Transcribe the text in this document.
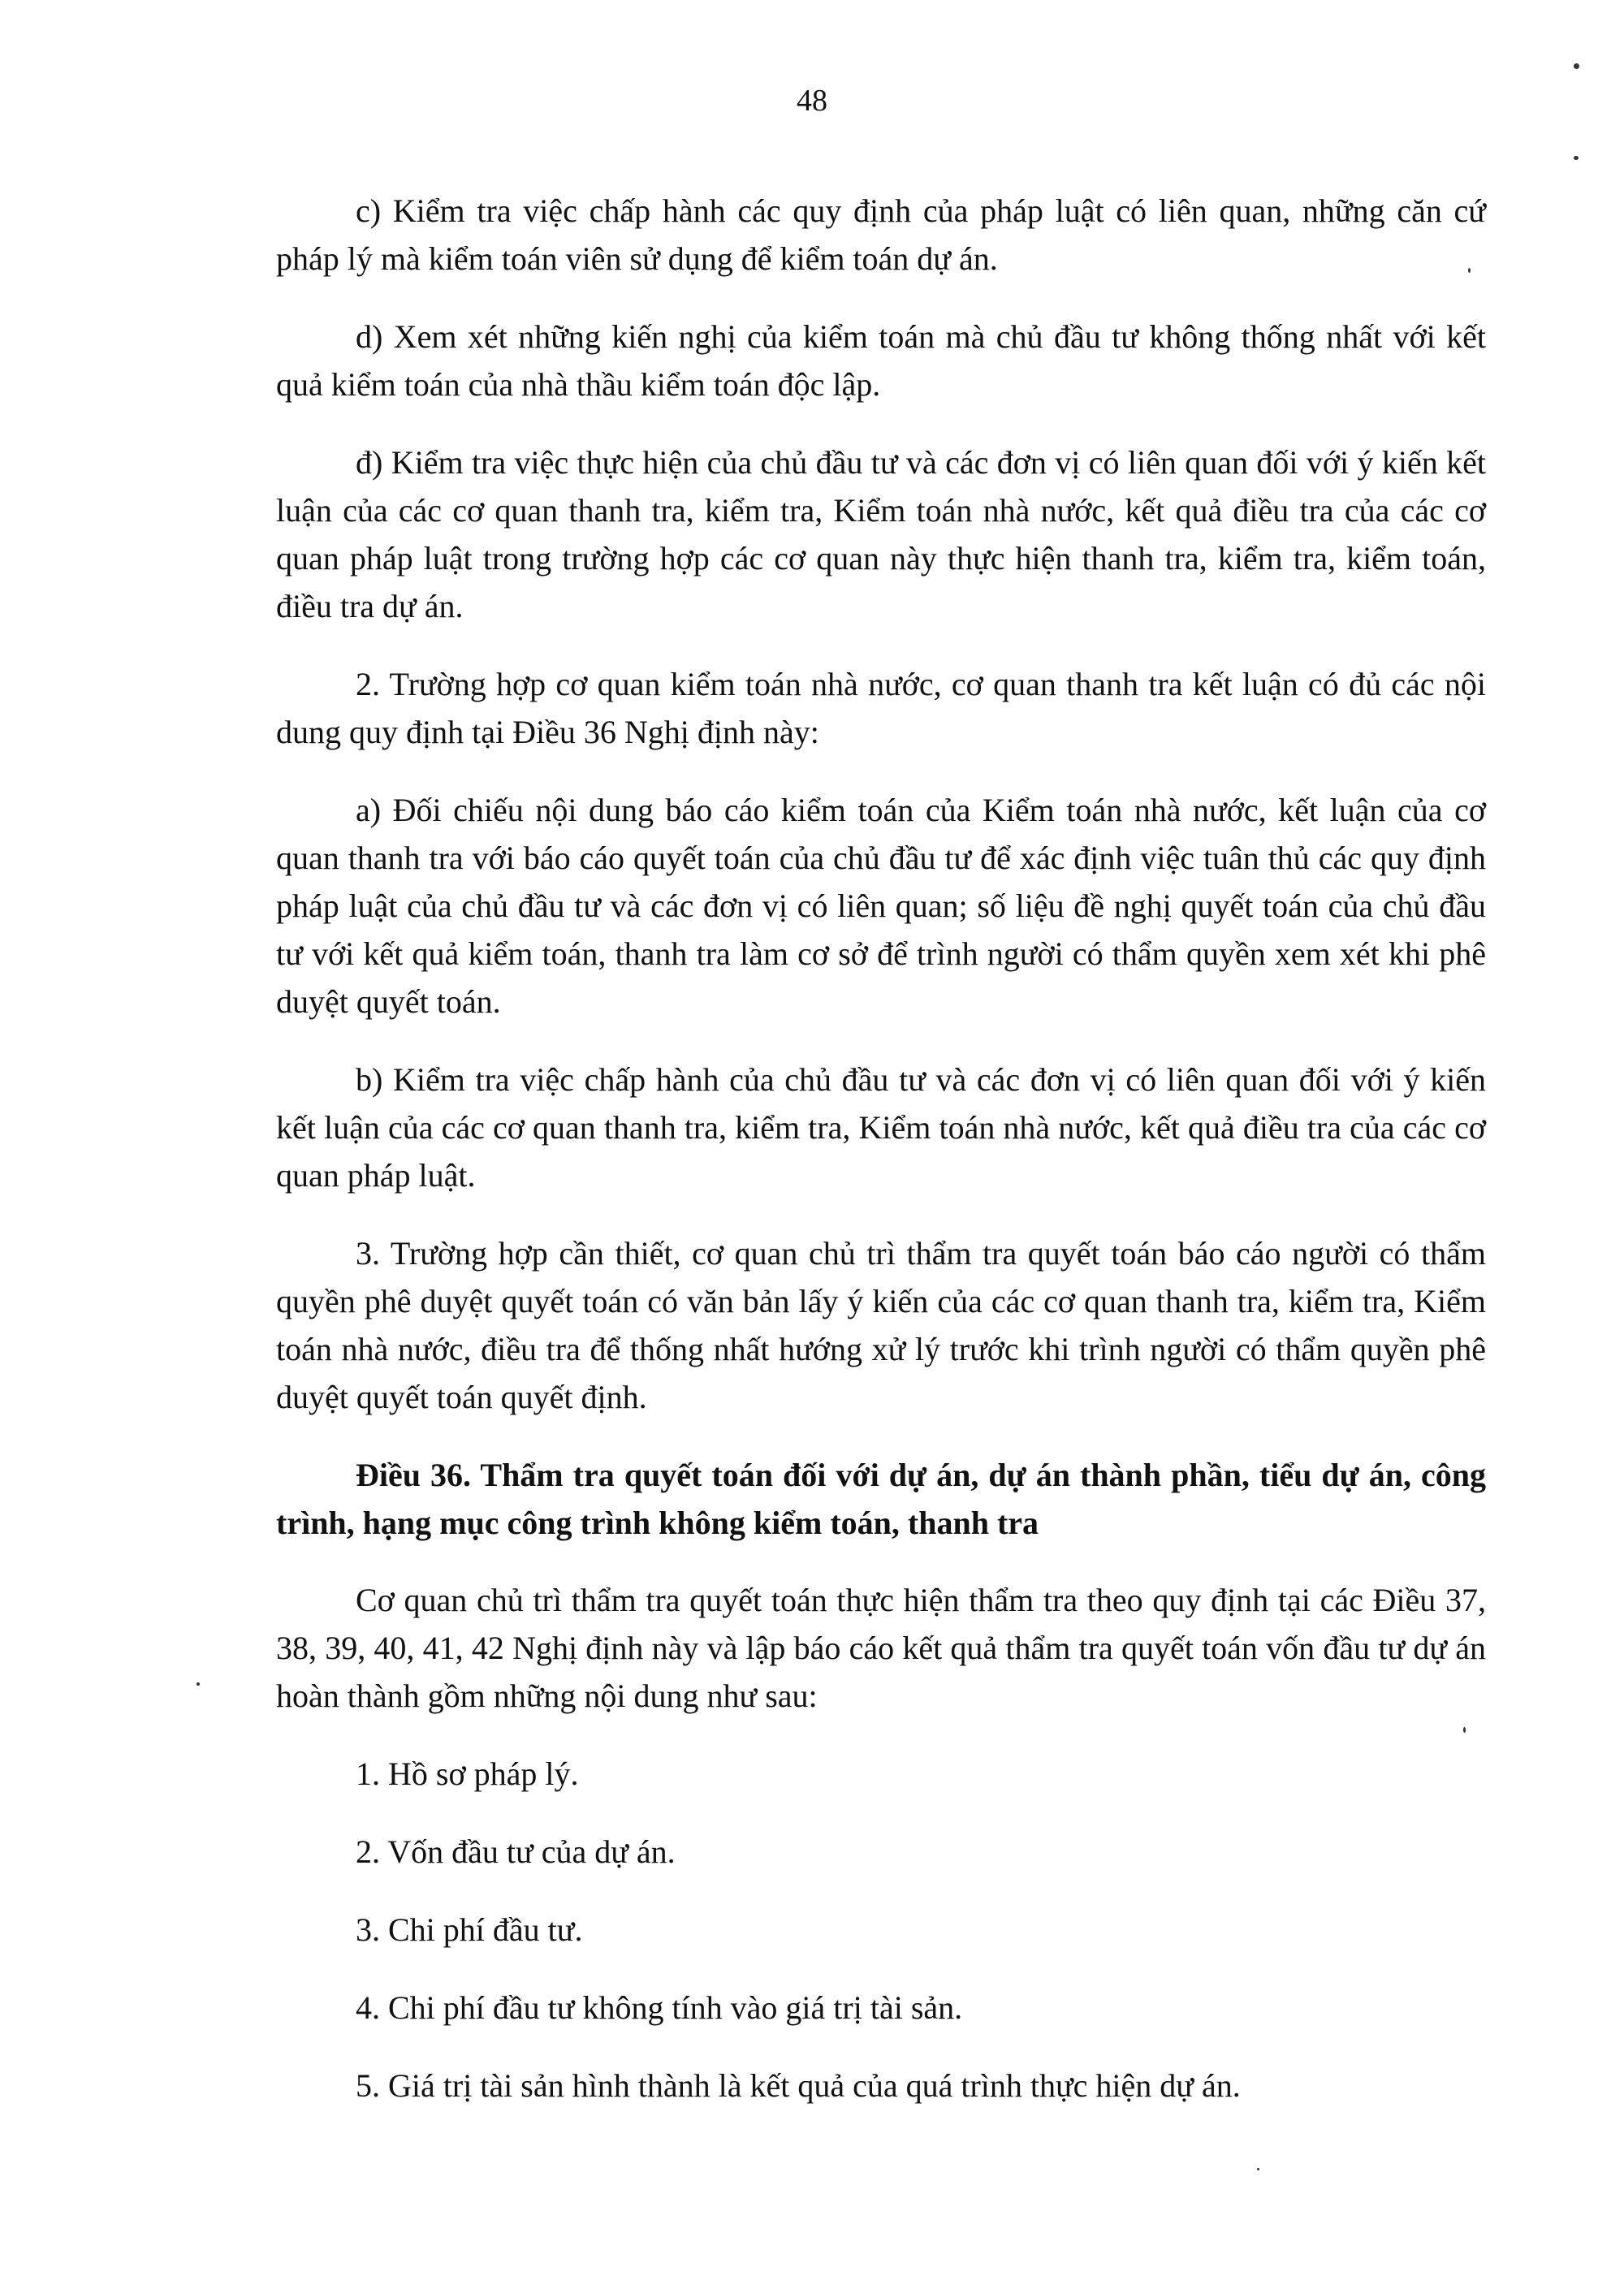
48

c) Kiểm tra việc chấp hành các quy định của pháp luật có liên quan, những căn cứ pháp lý mà kiểm toán viên sử dụng để kiểm toán dự án.

d) Xem xét những kiến nghị của kiểm toán mà chủ đầu tư không thống nhất với kết quả kiểm toán của nhà thầu kiểm toán độc lập.

đ) Kiểm tra việc thực hiện của chủ đầu tư và các đơn vị có liên quan đối với ý kiến kết luận của các cơ quan thanh tra, kiểm tra, Kiểm toán nhà nước, kết quả điều tra của các cơ quan pháp luật trong trường hợp các cơ quan này thực hiện thanh tra, kiểm tra, kiểm toán, điều tra dự án.

2. Trường hợp cơ quan kiểm toán nhà nước, cơ quan thanh tra kết luận có đủ các nội dung quy định tại Điều 36 Nghị định này:

a) Đối chiếu nội dung báo cáo kiểm toán của Kiểm toán nhà nước, kết luận của cơ quan thanh tra với báo cáo quyết toán của chủ đầu tư để xác định việc tuân thủ các quy định pháp luật của chủ đầu tư và các đơn vị có liên quan; số liệu đề nghị quyết toán của chủ đầu tư với kết quả kiểm toán, thanh tra làm cơ sở để trình người có thẩm quyền xem xét khi phê duyệt quyết toán.

b) Kiểm tra việc chấp hành của chủ đầu tư và các đơn vị có liên quan đối với ý kiến kết luận của các cơ quan thanh tra, kiểm tra, Kiểm toán nhà nước, kết quả điều tra của các cơ quan pháp luật.

3. Trường hợp cần thiết, cơ quan chủ trì thẩm tra quyết toán báo cáo người có thẩm quyền phê duyệt quyết toán có văn bản lấy ý kiến của các cơ quan thanh tra, kiểm tra, Kiểm toán nhà nước, điều tra để thống nhất hướng xử lý trước khi trình người có thẩm quyền phê duyệt quyết toán quyết định.

Điều 36. Thẩm tra quyết toán đối với dự án, dự án thành phần, tiểu dự án, công trình, hạng mục công trình không kiểm toán, thanh tra

Cơ quan chủ trì thẩm tra quyết toán thực hiện thẩm tra theo quy định tại các Điều 37, 38, 39, 40, 41, 42 Nghị định này và lập báo cáo kết quả thẩm tra quyết toán vốn đầu tư dự án hoàn thành gồm những nội dung như sau:

1. Hồ sơ pháp lý.

2. Vốn đầu tư của dự án.

3. Chi phí đầu tư.

4. Chi phí đầu tư không tính vào giá trị tài sản.

5. Giá trị tài sản hình thành là kết quả của quá trình thực hiện dự án.
